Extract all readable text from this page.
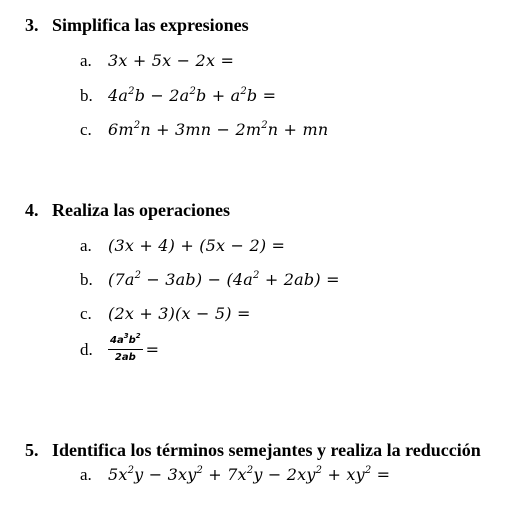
3. Simplifica las expresiones
a. 3x + 5x − 2x =
b. $4a^2b - 2a^2b + a^2b$ =
c. $6m^2n + 3mn - 2m^2n$ + mn
4. Realiza las operaciones
a. (3x + 4) + (5x − 2) =
b. $(7a^2 - 3ab) - (4a^2 + 2ab)$ =
c. (2x + 3)(x − 5) =
d. $\frac{4a^3b^2}{2ab}$ =
5. Identifica los términos semejantes y realiza la reducción
a. $5x^2y - 3xy^2 + 7x^2y - 2xy^2 + xy^2$ =
